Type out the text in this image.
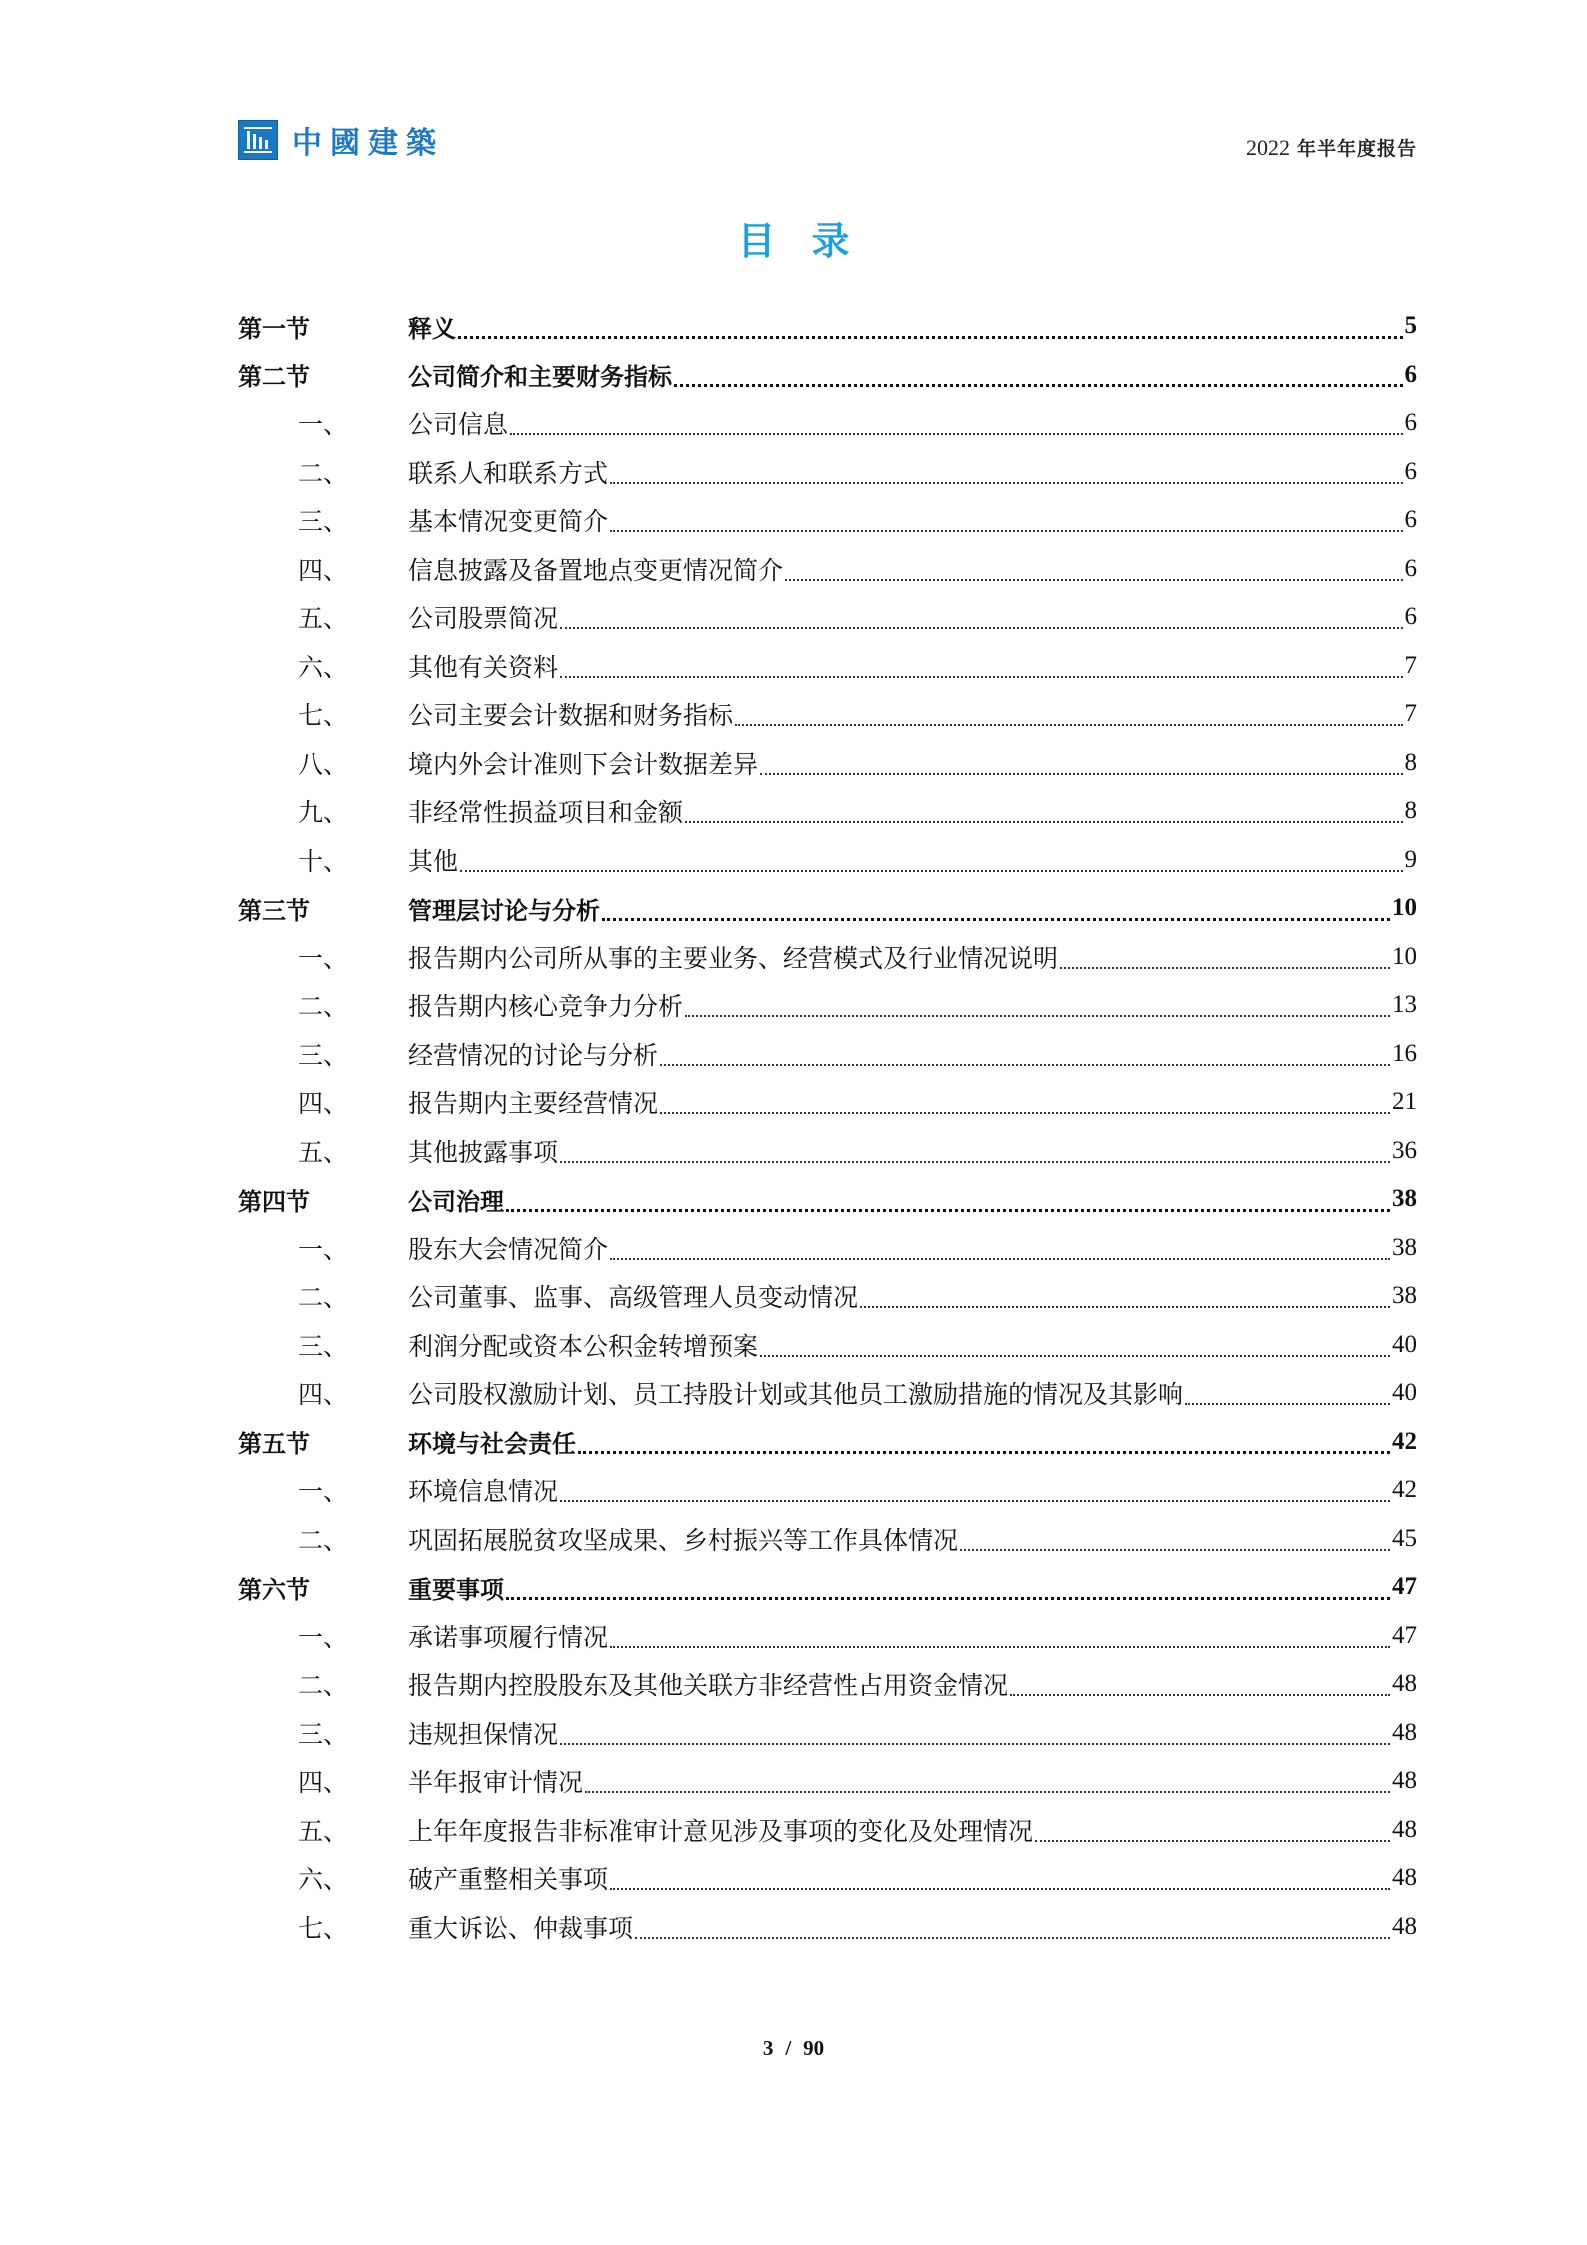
中國建築	2022 年半年度报告
目录
第一节	释义	5
第二节	公司简介和主要财务指标	6
一、	公司信息	6
二、	联系人和联系方式	6
三、	基本情况变更简介	6
四、	信息披露及备置地点变更情况简介	6
五、	公司股票简况	6
六、	其他有关资料	7
七、	公司主要会计数据和财务指标	7
八、	境内外会计准则下会计数据差异	8
九、	非经常性损益项目和金额	8
十、	其他	9
第三节	管理层讨论与分析	10
一、	报告期内公司所从事的主要业务、经营模式及行业情况说明	10
二、	报告期内核心竞争力分析	13
三、	经营情况的讨论与分析	16
四、	报告期内主要经营情况	21
五、	其他披露事项	36
第四节	公司治理	38
一、	股东大会情况简介	38
二、	公司董事、监事、高级管理人员变动情况	38
三、	利润分配或资本公积金转增预案	40
四、	公司股权激励计划、员工持股计划或其他员工激励措施的情况及其影响	40
第五节	环境与社会责任	42
一、	环境信息情况	42
二、	巩固拓展脱贫攻坚成果、乡村振兴等工作具体情况	45
第六节	重要事项	47
一、	承诺事项履行情况	47
二、	报告期内控股股东及其他关联方非经营性占用资金情况	48
三、	违规担保情况	48
四、	半年报审计情况	48
五、	上年年度报告非标准审计意见涉及事项的变化及处理情况	48
六、	破产重整相关事项	48
七、	重大诉讼、仲裁事项	48
3 / 90
